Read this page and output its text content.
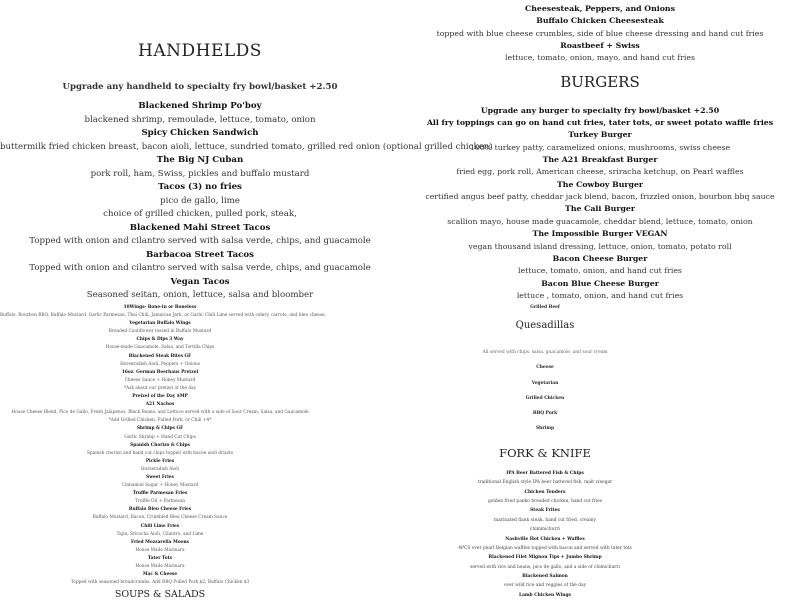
HANDHELDS
Upgrade any handheld to specialty fry bowl/basket +2.50
Blackened Shrimp Po'boy
blackened shrimp, remoulade, lettuce, tomato, onion
Spicy Chicken Sandwich
buttermilk fried chicken breast, bacon aioli, lettuce, sundried tomato, grilled red onion (optional grilled chicken)
The Big NJ Cuban
pork roll, ham, Swiss, pickles and buffalo mustard
Tacos (3) no fries
pico de gallo, lime
choice of grilled chicken, pulled pork, steak,
Blackened Mahi Street Tacos
Topped with onion and cilantro served with salsa verde, chips, and guacamole
Barbacoa Street Tacos
Topped with onion and cilantro served with salsa verde, chips, and guacamole
Vegan Tacos
Seasoned seitan, onion, lettuce, salsa and bloomber
Cheesesteak, Peppers, and Onions
Buffalo Chicken Cheesesteak
topped with blue cheese crumbles, side of blue cheese dressing and hand cut fries
Roastbeef + Swiss
lettuce, tomato, onion, mayo, and hand cut fries
BURGERS
Upgrade any burger to specialty fry bowl/basket +2.50
All fry toppings can go on hand cut fries, tater tots, or sweet potato waffle fries
Turkey Burger
100% turkey patty, caramelized onions, mushrooms, swiss cheese
The A21 Breakfast Burger
fried egg, pork roll, American cheese, sriracha ketchup, on Pearl waffles
The Cowboy Burger
certified angus beef patty, cheddar jack blend, bacon, frizzled onion, bourbon bbq sauce
The Cali Burger
scallion mayo, house made guacamole, cheddar blend, lettuce, tomato, onion
The Impossible Burger VEGAN
vegan thousand island dressing, lettuce, onion, tomato, potato roll
Bacon Cheese Burger
lettuce, tomato, onion, and hand cut fries
Bacon Blue Cheese Burger
lettuce , tomato, onion, and hand cut fries
10Wings- Bone-in or Boneless
Buffalo, Bourbon BBQ, Buffalo Mustard, Garlic Parmesan, Thai Chili, Jamaican Jerk, or Garlic Chili Lime served with celery, carrots, and bleu cheese.
Vegetarian Buffalo Wings
Breaded Cauliflower tossed in Buffalo Mustard
Chips & Dips 3 Way
House-made Guacamole, Salsa, and Tortilla Chips
Blackened Steak Bites GF
Horseradish Aioli, Peppers + Onions
16oz. German Beerhaus Pretzel
Cheese Sauce + Honey Mustard
*Ask about our pretzel of the day
Pretzel of the Day $MP
A21 Nachos
House Cheese Blend, Pico de Gallo, Fresh Jalapenos, Black Beans, and Lettuce served with a side of Sour Cream, Salsa, and Guacamole
*Add Grilled Chicken, Pulled Pork, or Chili +4*
Shrimp & Chips GF
Garlic Shrimp + Hand Cut Chips
Spanish Chorizo & Chips
Spanish chorizo and hand cut chips topped with bacon aioli drizzle
Pickle Fries
Horseradish Aioli
Sweet Fries
Cinnamon Sugar + Honey Mustard
Truffle Parmesan Fries
Truffle Oil + Parmesan
Buffalo Bleu Cheese Fries
Buffalo Mustard, Bacon, Crumbled Bleu Cheese Cream Sauce
Chili Lime Fries
Tajin, Sriracha Aioli, Cilantro, and Lime
Fried Mozzarella Moons
House Made Marinara
Tater Tots
House Made Marinara
Mac & Cheese
Topped with seasoned breadcrumbs. Add BBQ Pulled Pork $2, Buffalo Chicken $3
SOUPS & SALADS
Grilled Beef
Quesadillas
All served with chips, salsa, guacamole, and sour cream
Cheese
Vegetarian
Grilled Chicken
BBQ Pork
Shrimp
FORK & KNIFE
IPA Beer Battered Fish & Chips
traditional English style IPA beer battered fish, malt vinegar
Chicken Tenders
golden fried panko breaded chicken, hand cut fries
Steak Frites
marinated flank steak, hand cut fried, creamy
chimmichurri
Nashville Hot Chicken + Waffles
4PCS over pearl Belgian waffles topped with bacon and served with tater tots
Blackened Filet Mignon Tips + Jumbo Shrimp
served with rice and beans, pico de gallo, and a side of chimichurri
Blackened Salmon
over wild rice and veggies of the day
Lamb Chicken Wings
